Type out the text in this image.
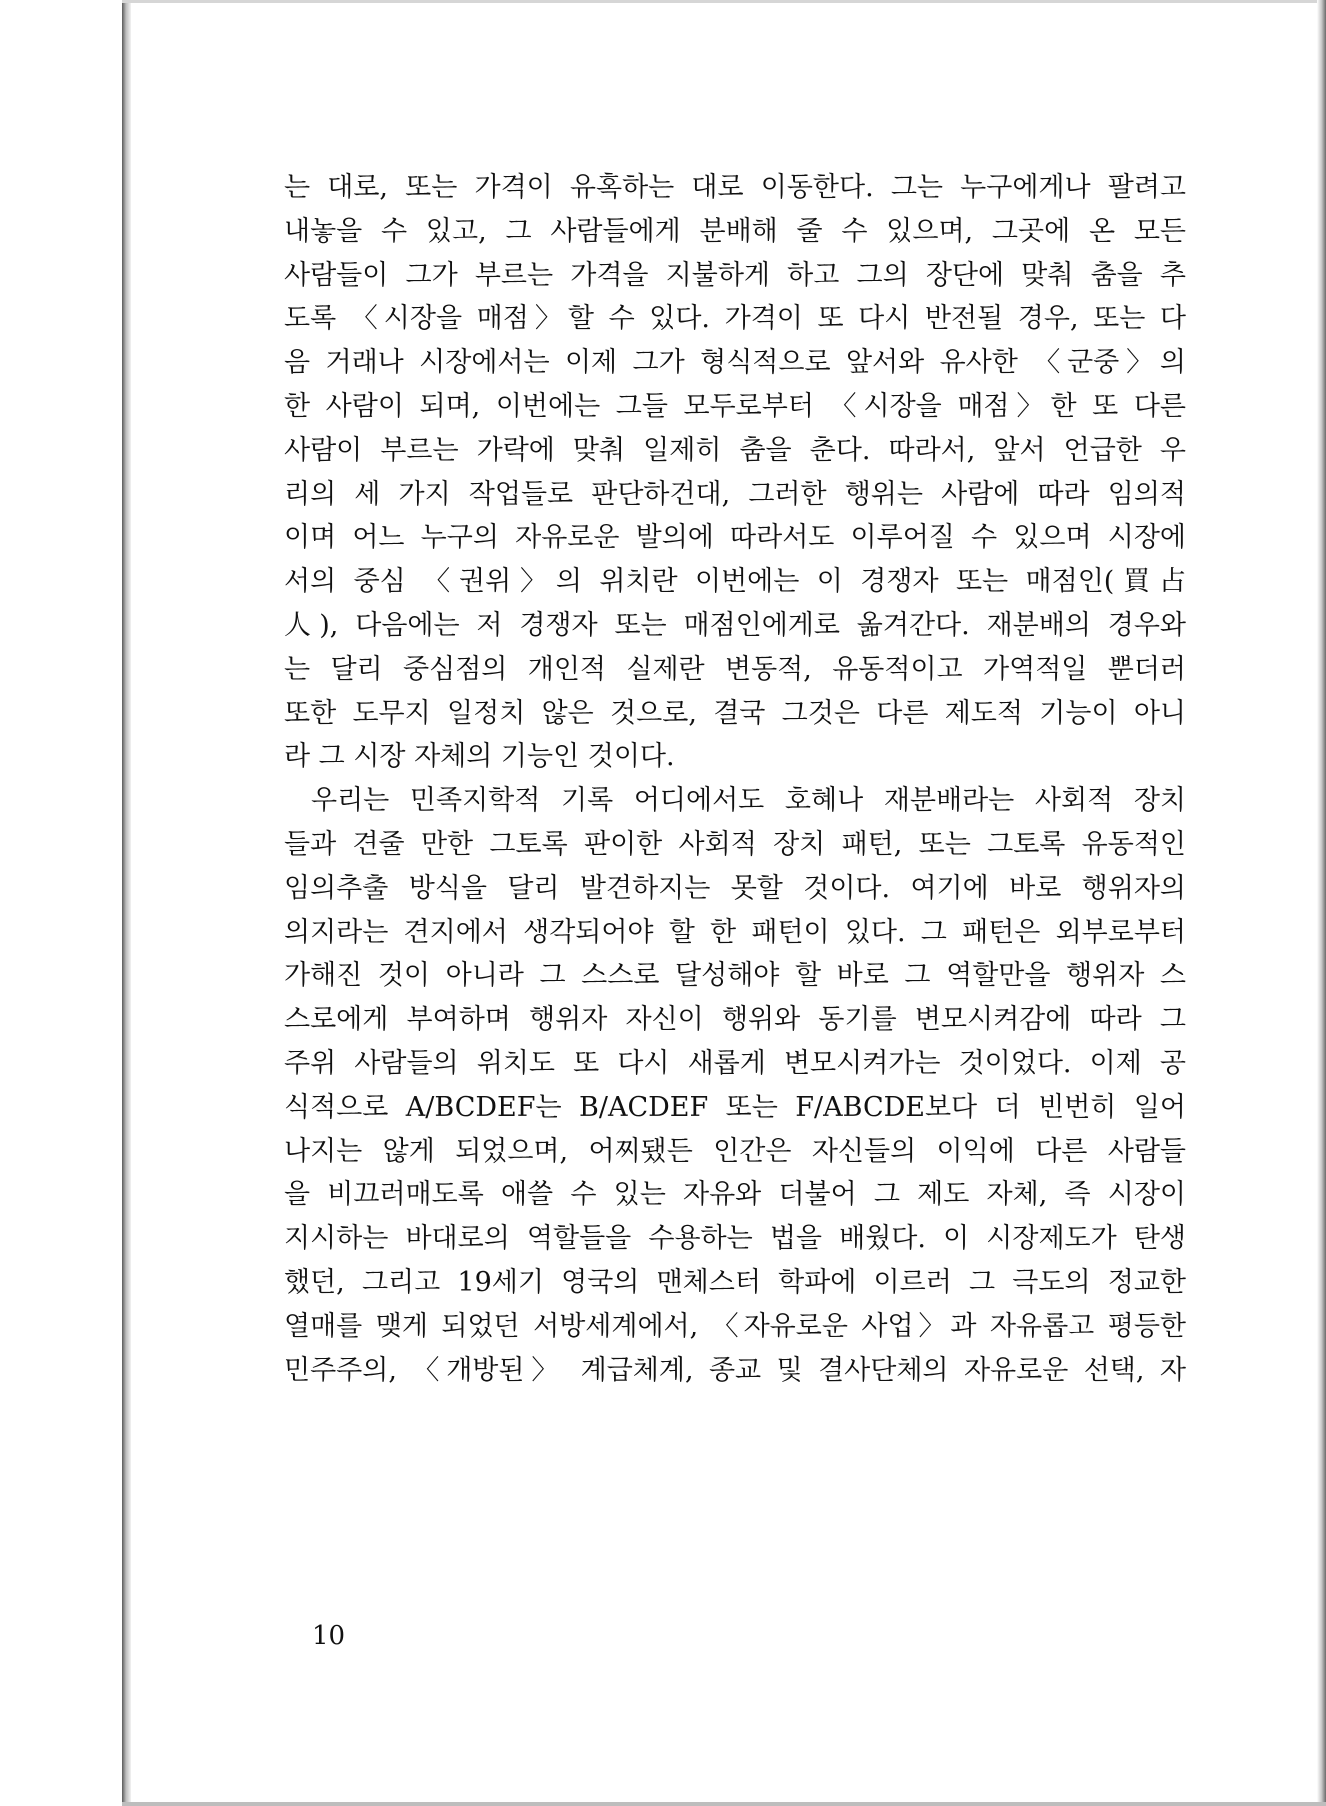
는 대로, 또는 가격이 유혹하는 대로 이동한다. 그는 누구에게나 팔려고
내놓을 수 있고, 그 사람들에게 분배해 줄 수 있으며, 그곳에 온 모든
사람들이 그가 부르는 가격을 지불하게 하고 그의 장단에 맞춰 춤을 추
도록 〈시장을 매점〉할 수 있다. 가격이 또 다시 반전될 경우, 또는 다
음 거래나 시장에서는 이제 그가 형식적으로 앞서와 유사한 〈군중〉의
한 사람이 되며, 이번에는 그들 모두로부터 〈시장을 매점〉한 또 다른
사람이 부르는 가락에 맞춰 일제히 춤을 춘다. 따라서, 앞서 언급한 우
리의 세 가지 작업들로 판단하건대, 그러한 행위는 사람에 따라 임의적
이며 어느 누구의 자유로운 발의에 따라서도 이루어질 수 있으며 시장에
서의 중심 〈권위〉의 위치란 이번에는 이 경쟁자 또는 매점인(買占
人), 다음에는 저 경쟁자 또는 매점인에게로 옮겨간다. 재분배의 경우와
는 달리 중심점의 개인적 실제란 변동적, 유동적이고 가역적일 뿐더러
또한 도무지 일정치 않은 것으로, 결국 그것은 다른 제도적 기능이 아니
라 그 시장 자체의 기능인 것이다.
우리는 민족지학적 기록 어디에서도 호혜나 재분배라는 사회적 장치
들과 견줄 만한 그토록 판이한 사회적 장치 패턴, 또는 그토록 유동적인
임의추출 방식을 달리 발견하지는 못할 것이다. 여기에 바로 행위자의
의지라는 견지에서 생각되어야 할 한 패턴이 있다. 그 패턴은 외부로부터
가해진 것이 아니라 그 스스로 달성해야 할 바로 그 역할만을 행위자 스
스로에게 부여하며 행위자 자신이 행위와 동기를 변모시켜감에 따라 그
주위 사람들의 위치도 또 다시 새롭게 변모시켜가는 것이었다. 이제 공
식적으로 A/BCDEF는 B/ACDEF 또는 F/ABCDE보다 더 빈번히 일어
나지는 않게 되었으며, 어찌됐든 인간은 자신들의 이익에 다른 사람들
을 비끄러매도록 애쓸 수 있는 자유와 더불어 그 제도 자체, 즉 시장이
지시하는 바대로의 역할들을 수용하는 법을 배웠다. 이 시장제도가 탄생
했던, 그리고 19세기 영국의 맨체스터 학파에 이르러 그 극도의 정교한
열매를 맺게 되었던 서방세계에서, 〈자유로운 사업〉과 자유롭고 평등한
민주주의, 〈개방된〉 계급체계, 종교 및 결사단체의 자유로운 선택, 자
10
